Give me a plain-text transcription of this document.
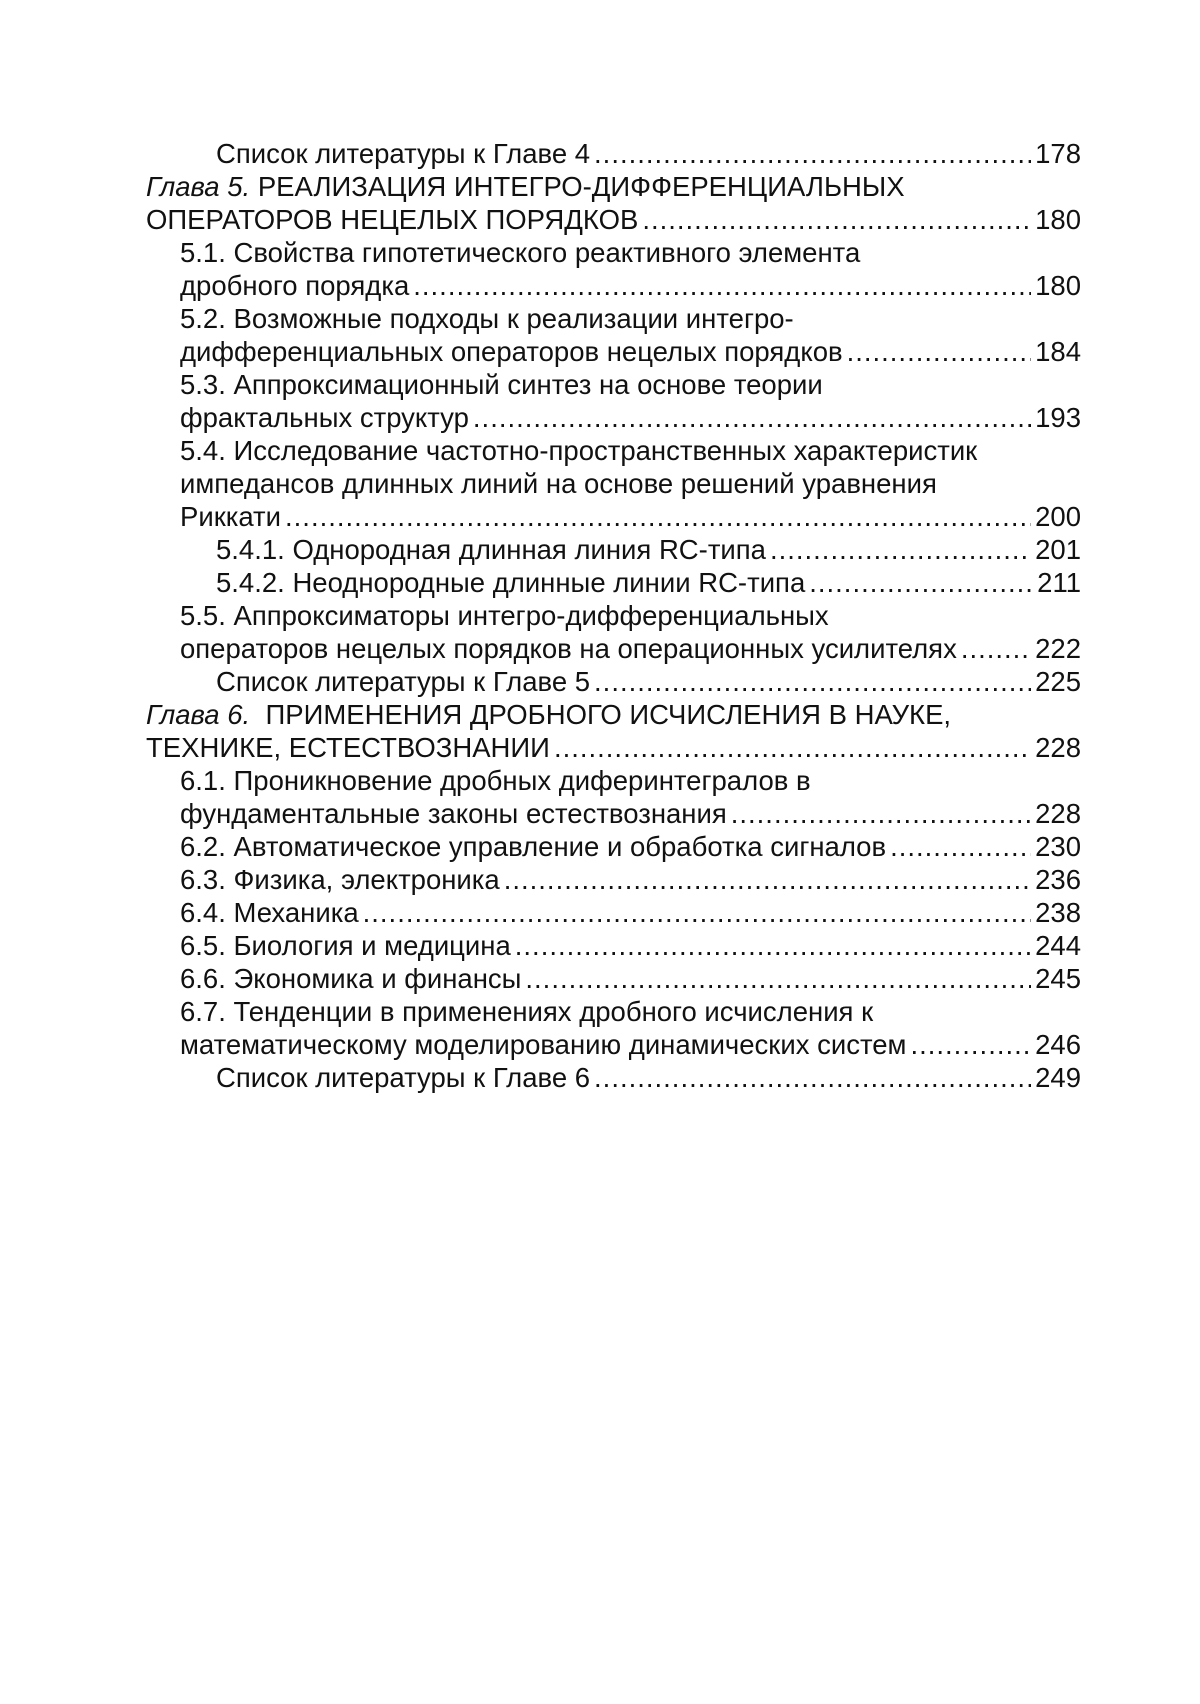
Список литературы к Главе 4 .....	178
Глава 5. РЕАЛИЗАЦИЯ ИНТЕГРО-ДИФФЕРЕНЦИАЛЬНЫХ
ОПЕРАТОРОВ НЕЦЕЛЫХ ПОРЯДКОВ .....	180
5.1. Свойства гипотетического реактивного элемента
дробного порядка .....	180
5.2. Возможные подходы к реализации интегро-
дифференциальных операторов нецелых порядков .....	184
5.3. Аппроксимационный синтез на основе теории
фрактальных структур .....	193
5.4. Исследование частотно-пространственных характеристик
импедансов длинных линий на основе решений уравнения
Риккати .....	200
5.4.1. Однородная длинная линия RC-типа .....	201
5.4.2. Неоднородные длинные линии RC-типа .....	211
5.5. Аппроксиматоры интегро-дифференциальных
операторов нецелых порядков на операционных усилителях .....	222
Список литературы к Главе 5 .....	225
Глава 6.  ПРИМЕНЕНИЯ ДРОБНОГО ИСЧИСЛЕНИЯ В НАУКЕ,
ТЕХНИКЕ, ЕСТЕСТВОЗНАНИИ .....	228
6.1. Проникновение дробных диферинтегралов в
фундаментальные законы естествознания .....	228
6.2. Автоматическое управление и обработка сигналов .....	230
6.3. Физика, электроника .....	236
6.4. Механика .....	238
6.5. Биология и медицина .....	244
6.6. Экономика и финансы .....	245
6.7. Тенденции в применениях дробного исчисления к
математическому моделированию динамических систем .....	246
Список литературы к Главе 6 .....	249
